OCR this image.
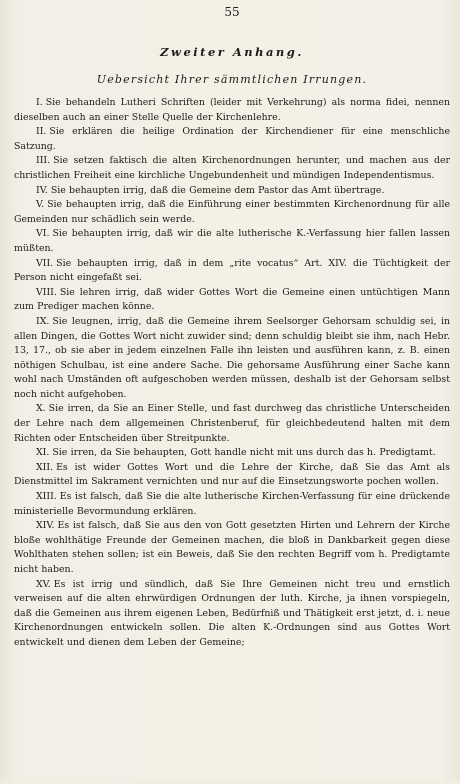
55
Zweiter Anhang.
Uebersicht Ihrer sämmtlichen Irrungen.

I. Sie behandeln Lutheri Schriften (leider mit Verkehrung) als norma fidei, nennen dieselben auch an einer Stelle Quelle der Kirchenlehre.

II. Sie erklären die heilige Ordination der Kirchendiener für eine menschliche Satzung.

III. Sie setzen faktisch die alten Kirchenordnungen herunter, und machen aus der christlichen Freiheit eine kirchliche Ungebundenheit und mündigen Independentismus.

IV. Sie behaupten irrig, daß die Gemeine dem Pastor das Amt übertrage.

V. Sie behaupten irrig, daß die Einführung einer bestimmten Kirchenordnung für alle Gemeinden nur schädlich sein werde.

VI. Sie behaupten irrig, daß wir die alte lutherische K.-Verfassung hier fallen lassen müßten.

VII. Sie behaupten irrig, daß in dem „rite vocatus“ Art. XIV. die Tüchtigkeit der Person nicht eingefaßt sei.

VIII. Sie lehren irrig, daß wider Gottes Wort die Gemeine einen untüchtigen Mann zum Prediger machen könne.

IX. Sie leugnen, irrig, daß die Gemeine ihrem Seelsorger Gehorsam schuldig sei, in allen Dingen, die Gottes Wort nicht zuwider sind; denn schuldig bleibt sie ihm, nach Hebr. 13, 17., ob sie aber in jedem einzelnen Falle ihn leisten und ausführen kann, z. B. einen nöthigen Schulbau, ist eine andere Sache. Die gehorsame Ausführung einer Sache kann wohl nach Umständen oft aufgeschoben werden müssen, deshalb ist der Gehorsam selbst noch nicht aufgehoben.

X. Sie irren, da Sie an Einer Stelle, und fast durchweg das christliche Unterscheiden der Lehre nach dem allgemeinen Christenberuf, für gleichbedeutend halten mit dem Richten oder Entscheiden über Streitpunkte.

XI. Sie irren, da Sie behaupten, Gott handle nicht mit uns durch das h. Predigtamt.

XII. Es ist wider Gottes Wort und die Lehre der Kirche, daß Sie das Amt als Dienstmittel im Sakrament vernichten und nur auf die Einsetzungsworte pochen wollen.

XIII. Es ist falsch, daß Sie die alte lutherische Kirchen-Verfassung für eine drückende ministerielle Bevormundung erklären.

XIV. Es ist falsch, daß Sie aus den von Gott gesetzten Hirten und Lehrern der Kirche bloße wohlthätige Freunde der Gemeinen machen, die bloß in Dankbarkeit gegen diese Wohlthaten stehen sollen; ist ein Beweis, daß Sie den rechten Begriff vom h. Predigtamte nicht haben.

XV. Es ist irrig und sündlich, daß Sie Ihre Gemeinen nicht treu und ernstlich verweisen auf die alten ehrwürdigen Ordnungen der luth. Kirche, ja ihnen vorspiegeln, daß die Gemeinen aus ihrem eigenen Leben, Bedürfniß und Thätigkeit erst jetzt, d. i. neue Kirchenordnungen entwickeln sollen. Die alten K.-Ordnungen sind aus Gottes Wort entwickelt und dienen dem Leben der Gemeine;
